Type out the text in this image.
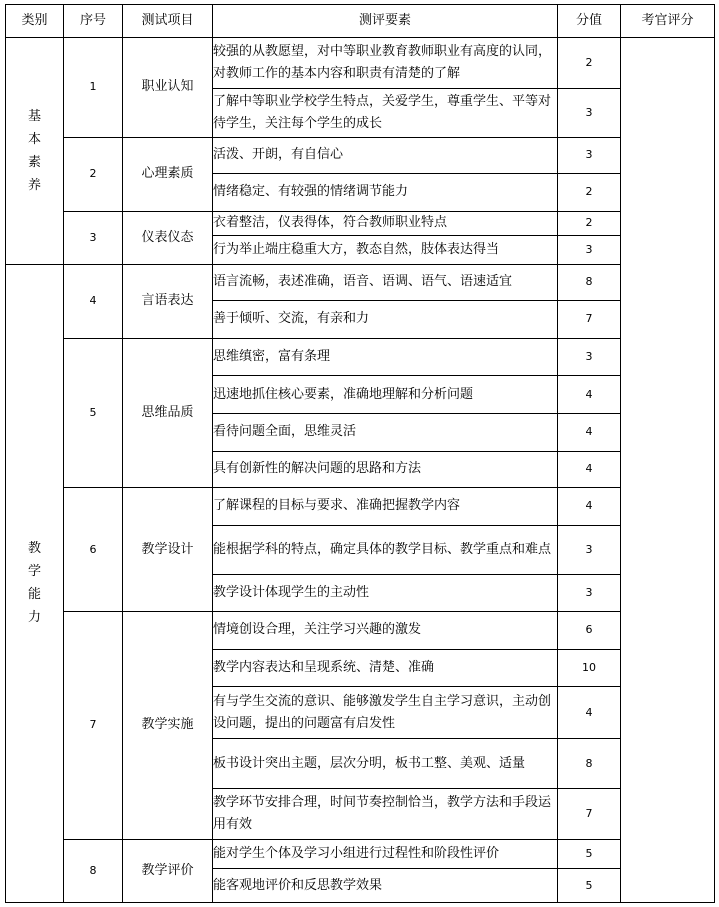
类别	序号	测试项目	测评要素	分值	考官评分
基本素养	1	职业认知	较强的从教愿望，对中等职业教育教师职业有高度的认同，对教师工作的基本内容和职责有清楚的了解	2	
			了解中等职业学校学生特点，关爱学生，尊重学生、平等对待学生，关注每个学生的成长	3	
	2	心理素质	活泼、开朗，有自信心	3	
			情绪稳定、有较强的情绪调节能力	2	
	3	仪表仪态	衣着整洁，仪表得体，符合教师职业特点	2	
			行为举止端庄稳重大方，教态自然，肢体表达得当	3	
教学能力	4	言语表达	语言流畅，表述准确，语音、语调、语气、语速适宜	8	
			善于倾听、交流，有亲和力	7	
	5	思维品质	思维缜密，富有条理	3	
			迅速地抓住核心要素，准确地理解和分析问题	4	
			看待问题全面，思维灵活	4	
			具有创新性的解决问题的思路和方法	4	
	6	教学设计	了解课程的目标与要求、准确把握教学内容	4	
			能根据学科的特点，确定具体的教学目标、教学重点和难点	3	
			教学设计体现学生的主动性	3	
	7	教学实施	情境创设合理，关注学习兴趣的激发	6	
			教学内容表达和呈现系统、清楚、准确	10	
			有与学生交流的意识、能够激发学生自主学习意识，主动创设问题，提出的问题富有启发性	4	
			板书设计突出主题，层次分明，板书工整、美观、适量	8	
			教学环节安排合理，时间节奏控制恰当，教学方法和手段运用有效	7	
	8	教学评价	能对学生个体及学习小组进行过程性和阶段性评价	5	
			能客观地评价和反思教学效果	5	
